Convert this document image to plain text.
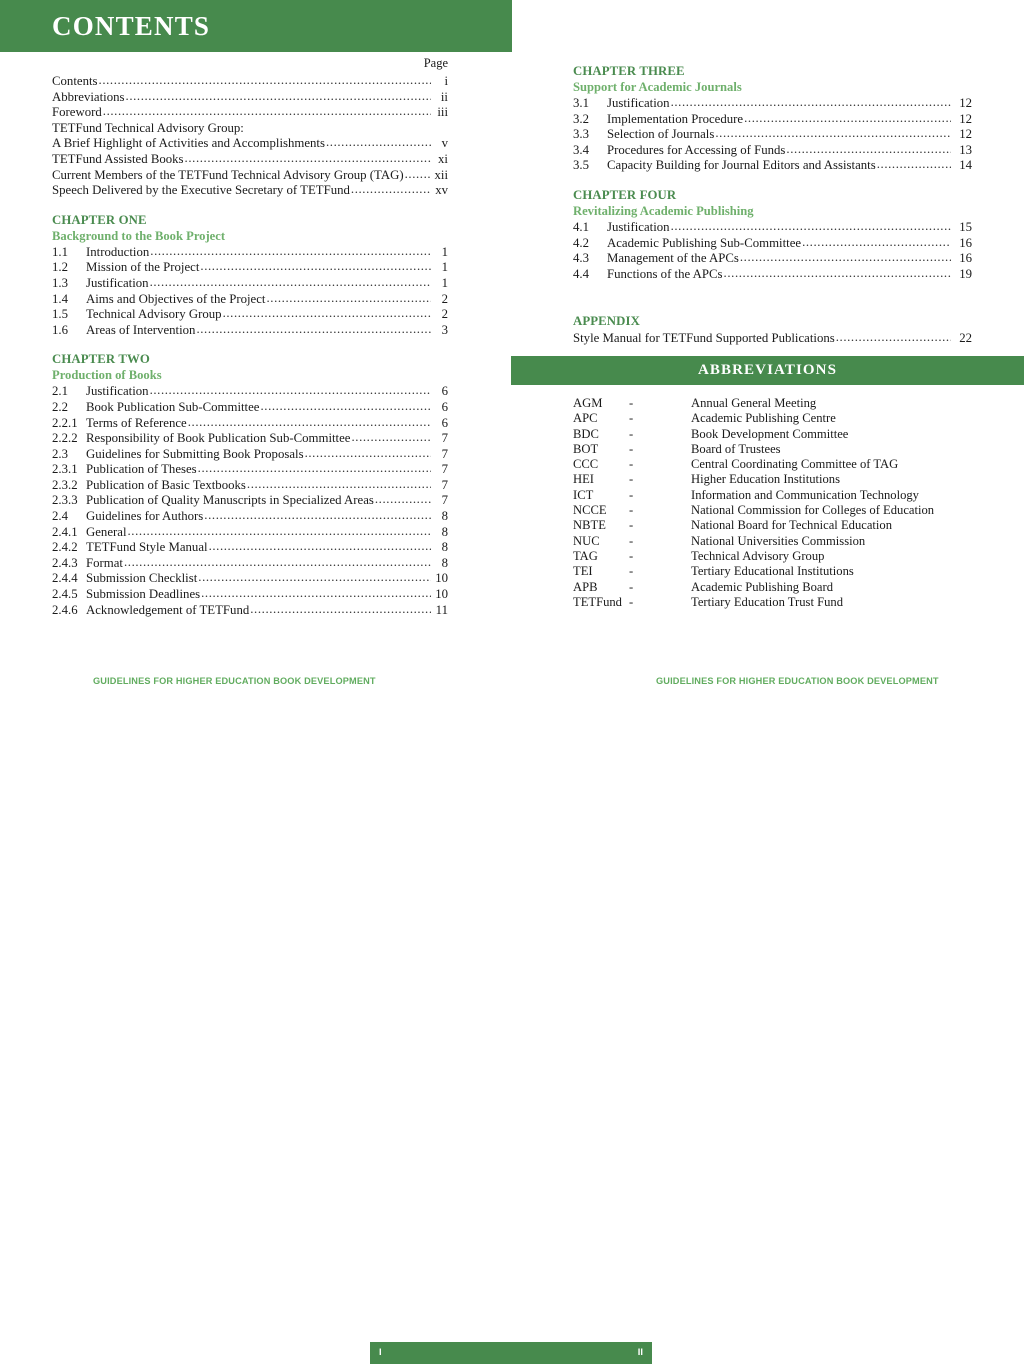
CONTENTS
Page
Contents .....	i
Abbreviations .....	ii
Foreword .....	iii
TETFund Technical Advisory Group:
A Brief Highlight of Activities and Accomplishments .....	v
TETFund Assisted Books .....	xi
Current Members of the TETFund Technical Advisory Group (TAG) ..... xii
Speech Delivered by the Executive Secretary of TETFund .....	xv
CHAPTER ONE
Background to the Book Project
1.1	Introduction .....	1
1.2	Mission of the Project .....	1
1.3	Justification .....	1
1.4	Aims and Objectives of the Project .....	2
1.5	Technical Advisory Group .....	2
1.6	Areas of Intervention .....	3
CHAPTER TWO
Production of Books
2.1	Justification .....	6
2.2	Book Publication Sub-Committee .....	6
2.2.1 Terms of Reference .....	6
2.2.2 Responsibility of Book Publication Sub-Committee .....	7
2.3	Guidelines for Submitting Book Proposals .....	7
2.3.1 Publication of Theses .....	7
2.3.2 Publication of Basic Textbooks .....	7
2.3.3 Publication of Quality Manuscripts in Specialized Areas .....	7
2.4	Guidelines for Authors .....	8
2.4.1 General .....	8
2.4.2 TETFund Style Manual .....	8
2.4.3 Format .....	8
2.4.4 Submission Checklist .....	10
2.4.5 Submission Deadlines .....	10
2.4.6 Acknowledgement of TETFund .....	11
CHAPTER THREE
Support for Academic Journals
3.1	Justification .....	12
3.2	Implementation Procedure .....	12
3.3	Selection of Journals .....	12
3.4	Procedures for Accessing of Funds .....	13
3.5	Capacity Building for Journal Editors and Assistants .....	14
CHAPTER FOUR
Revitalizing Academic Publishing
4.1	Justification .....	15
4.2	Academic Publishing Sub-Committee .....	16
4.3	Management of the APCs .....	16
4.4	Functions of the APCs .....	19
APPENDIX
Style Manual for TETFund Supported Publications .....	22
ABBREVIATIONS
AGM	-	Annual General Meeting
APC	-	Academic Publishing Centre
BDC	-	Book Development Committee
BOT	-	Board of Trustees
CCC	-	Central Coordinating Committee of TAG
HEI	-	Higher Education Institutions
ICT	-	Information and Communication Technology
NCCE	-	National Commission for Colleges of Education
NBTE	-	National Board for Technical Education
NUC	-	National Universities Commission
TAG	-	Technical Advisory Group
TEI	-	Tertiary Educational Institutions
APB	-	Academic Publishing Board
TETFund -	Tertiary Education Trust Fund
GUIDELINES FOR HIGHER EDUCATION BOOK DEVELOPMENT
I	II
GUIDELINES FOR HIGHER EDUCATION BOOK DEVELOPMENT
